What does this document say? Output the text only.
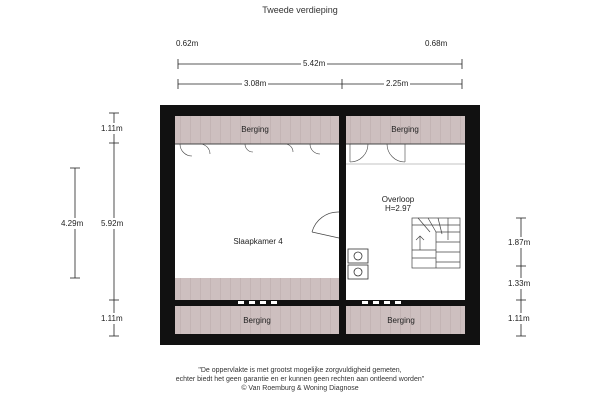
Tweede verdieping
0.62m	0.68m
5.42m
3.08m	2.25m
1.11m
4.29m 5.92m
1.11m
1.87m
1.33m
1.11m
Berging	Berging
Slaapkamer 4
Overloop
H=2.97
Berging	Berging
"De oppervlakte is met grootst mogelijke zorgvuldigheid gemeten,
echter biedt het geen garantie en er kunnen geen rechten aan ontleend worden"
© Van Roemburg & Woning Diagnose
